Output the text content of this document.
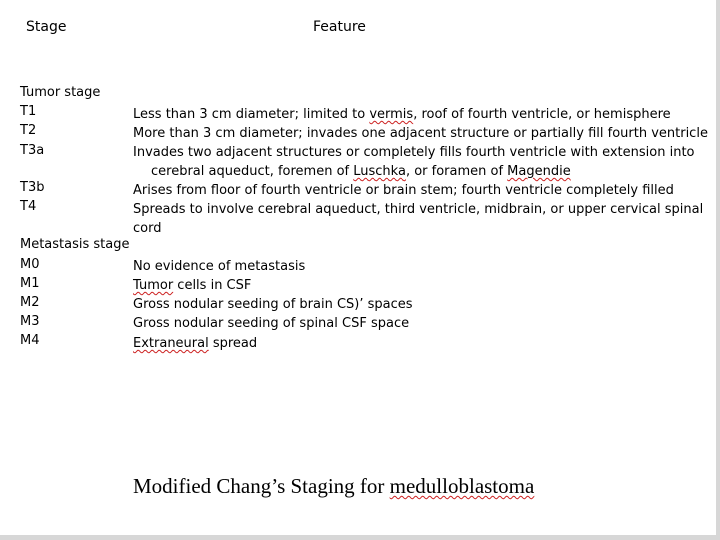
Stage	Feature
Tumor stage
T1	Less than 3 cm diameter; limited to vermis, roof of fourth ventricle, or hemisphere
T2	More than 3 cm diameter; invades one adjacent structure or partially fill fourth ventricle
T3a	Invades two adjacent structures or completely fills fourth ventricle with extension into
cerebral aqueduct, foremen of Luschka, or foramen of Magendie
T3b	Arises from floor of fourth ventricle or brain stem; fourth ventricle completely filled
T4	Spreads to involve cerebral aqueduct, third ventricle, midbrain, or upper cervical spinal
cord
Metastasis stage
M0	No evidence of metastasis
M1	Tumor cells in CSF
M2	Gross nodular seeding of brain CS)’ spaces
M3	Gross nodular seeding of spinal CSF space
M4	Extraneural spread
Modified Chang’s Staging for medulloblastoma
